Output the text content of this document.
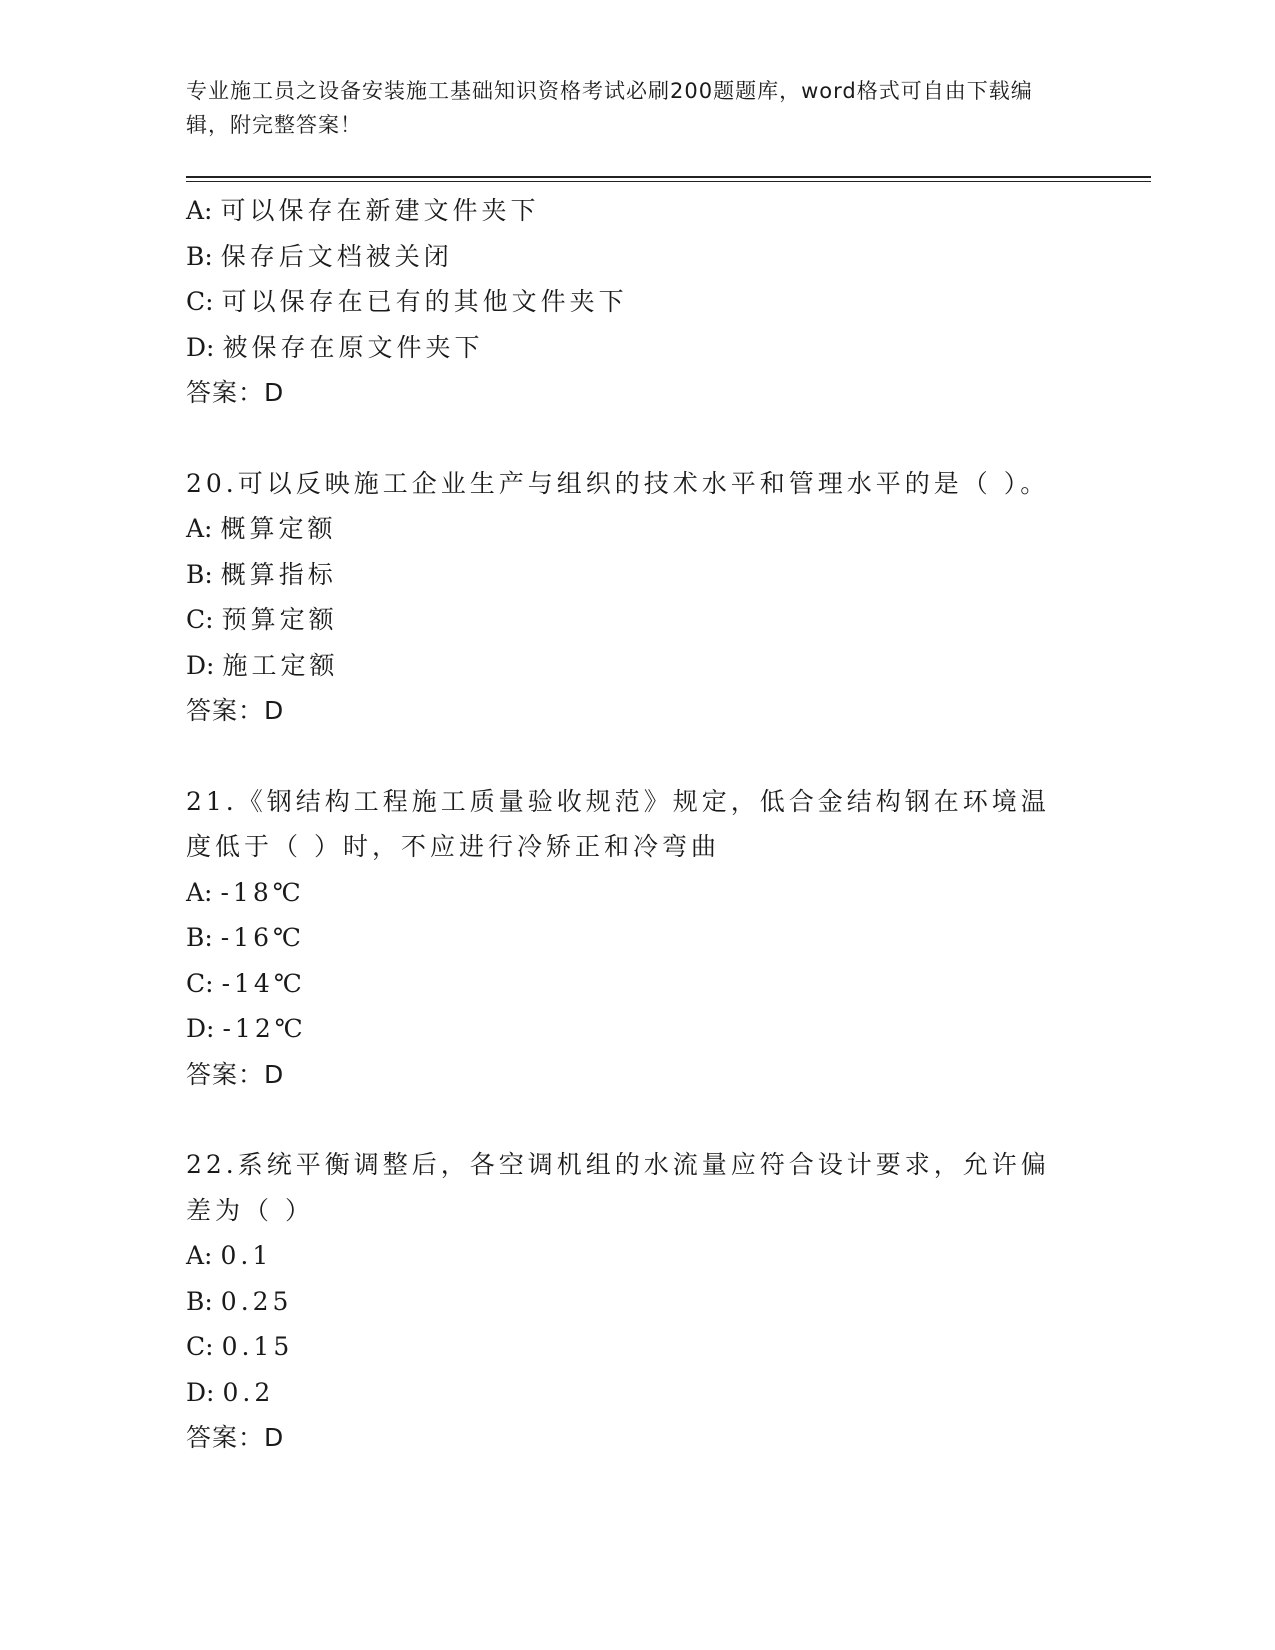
专业施工员之设备安装施工基础知识资格考试必刷200题题库，word格式可自由下载编辑，附完整答案！
A: 可以保存在新建文件夹下
B: 保存后文档被关闭
C: 可以保存在已有的其他文件夹下
D: 被保存在原文件夹下
答案：D
20.可以反映施工企业生产与组织的技术水平和管理水平的是（ ）。
A: 概算定额
B: 概算指标
C: 预算定额
D: 施工定额
答案：D
21.《钢结构工程施工质量验收规范》规定，低合金结构钢在环境温度低于（ ）时，不应进行冷矫正和冷弯曲
A: -18℃
B: -16℃
C: -14℃
D: -12℃
答案：D
22.系统平衡调整后，各空调机组的水流量应符合设计要求，允许偏差为（ ）
A: 0.1
B: 0.25
C: 0.15
D: 0.2
答案：D
